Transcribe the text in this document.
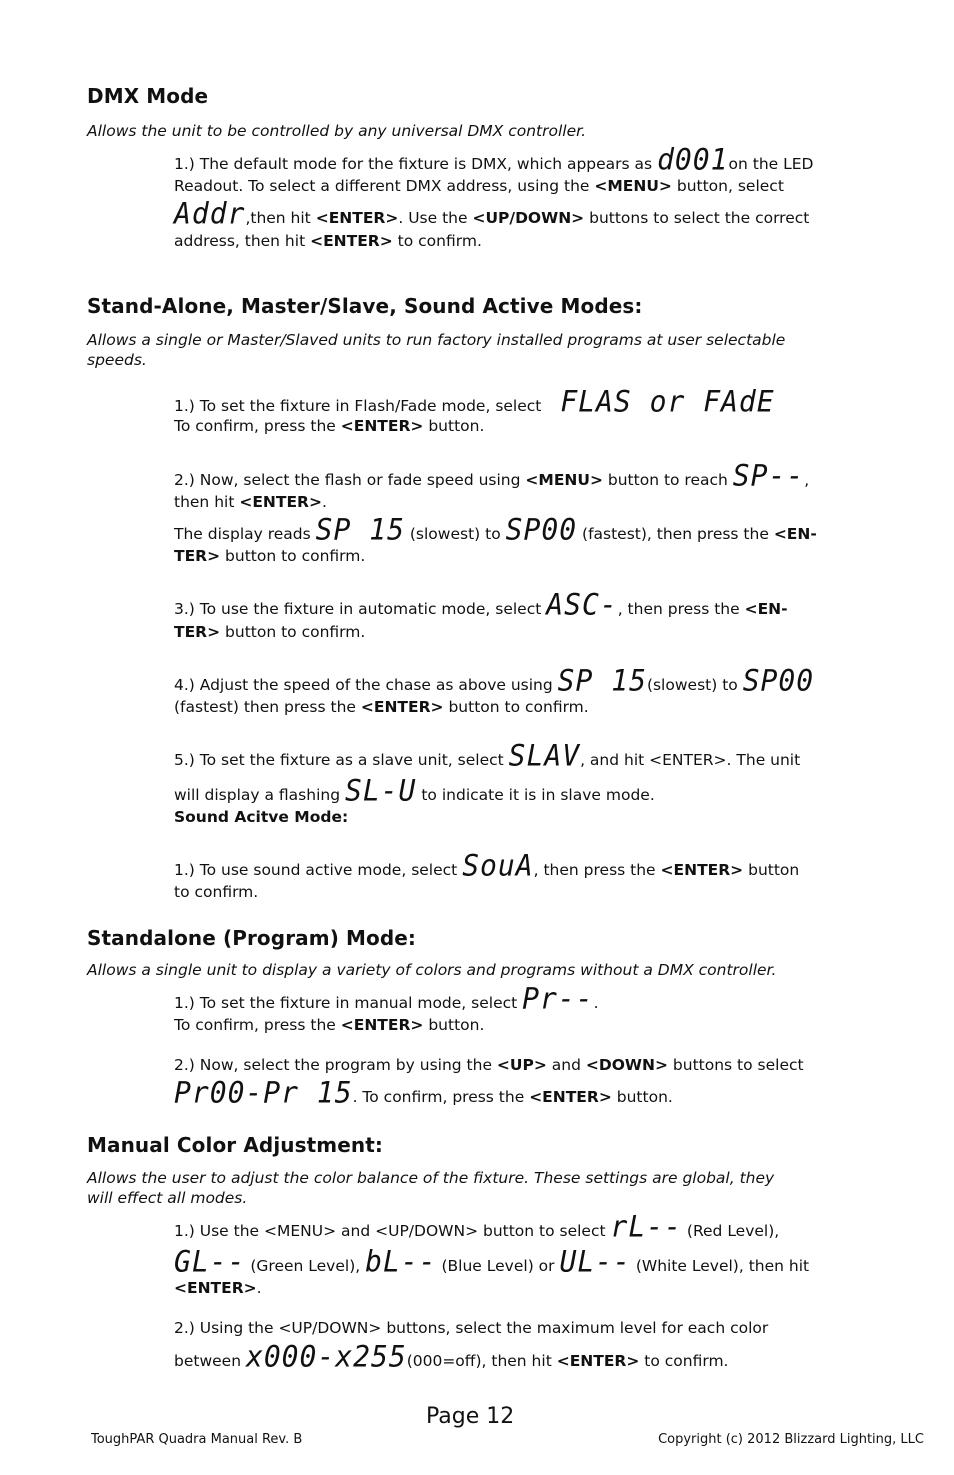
DMX Mode
Allows the unit to be controlled by any universal DMX controller.
1.) The default mode for the fixture is DMX, which appears as d001on the LED
Readout. To select a different DMX address, using the <MENU> button, select
Addr,then hit <ENTER>. Use the <UP/DOWN> buttons to select the correct
address, then hit <ENTER> to confirm.
Stand-Alone, Master/Slave, Sound Active Modes:
Allows a single or Master/Slaved units to run factory installed programs at user selectable
speeds.
1.) To set the fixture in Flash/Fade mode, select FLAS or FAdE
To confirm, press the <ENTER> button.
2.) Now, select the flash or fade speed using <MENU> button to reach SP--,
then hit <ENTER>.
The display reads SP 15 (slowest) to SP00 (fastest), then press the <EN-
TER> button to confirm.
3.) To use the fixture in automatic mode, select ASC-, then press the <EN-
TER> button to confirm.
4.) Adjust the speed of the chase as above using SP 15(slowest) to SP00
(fastest) then press the <ENTER> button to confirm.
5.) To set the fixture as a slave unit, select SLAV, and hit <ENTER>. The unit
will display a flashing SL-U to indicate it is in slave mode.
Sound Acitve Mode:
1.) To use sound active mode, select SouA, then press the <ENTER> button
to confirm.
Standalone (Program) Mode:
Allows a single unit to display a variety of colors and programs without a DMX controller.
1.) To set the fixture in manual mode, select Pr--.
To confirm, press the <ENTER> button.
2.) Now, select the program by using the <UP> and <DOWN> buttons to select
Pr00-Pr 15. To confirm, press the <ENTER> button.
Manual Color Adjustment:
Allows the user to adjust the color balance of the fixture. These settings are global, they
will effect all modes.
1.) Use the <MENU> and <UP/DOWN> button to select rL-- (Red Level),
GL-- (Green Level), bL-- (Blue Level) or UL-- (White Level), then hit
<ENTER>.
2.) Using the <UP/DOWN> buttons, select the maximum level for each color
between x000-x255(000=off), then hit <ENTER> to confirm.
Page 12
ToughPAR Quadra Manual Rev. B	Copyright (c) 2012 Blizzard Lighting, LLC
